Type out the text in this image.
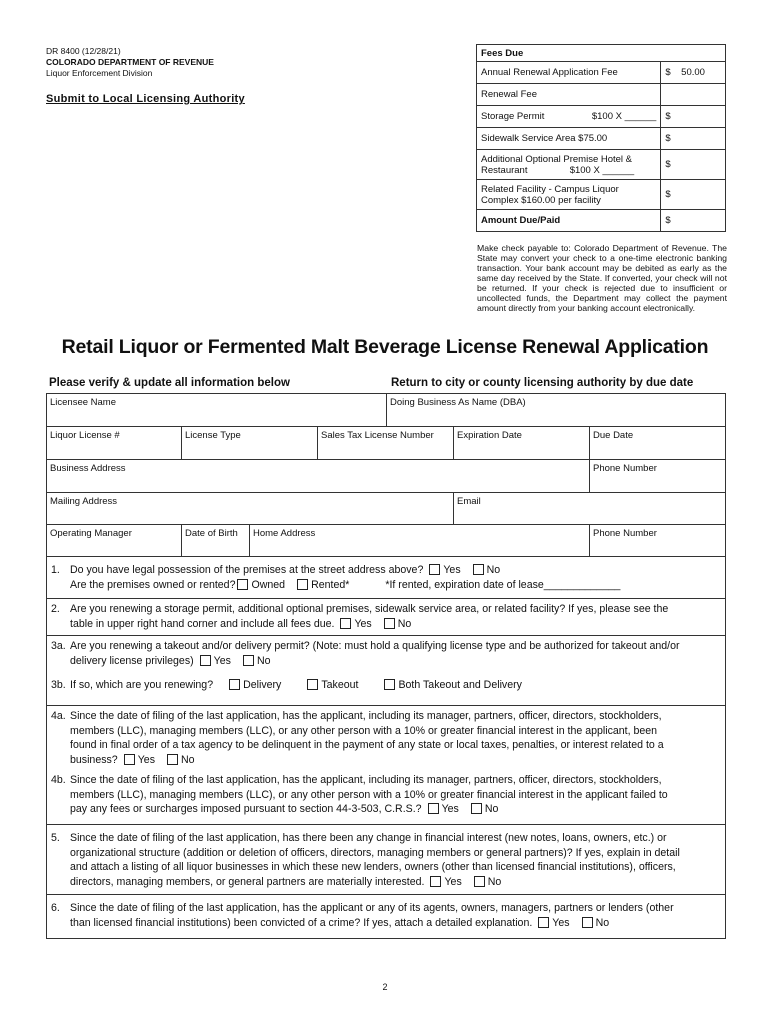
DR 8400 (12/28/21)
COLORADO DEPARTMENT OF REVENUE
Liquor Enforcement Division
Submit to Local Licensing Authority
Fees Due	
Annual Renewal Application Fee	$    50.00
Renewal Fee	
Storage Permit                  $100 X ______	$
Sidewalk Service Area $75.00	$

Additional Optional Premise Hotel &
Restaurant                $100 X ______	$

Related Facility - Campus Liquor
Complex $160.00 per facility	$
Amount Due/Paid	$
Make check payable to: Colorado Department of Revenue. The State may convert your check to a one-time electronic banking transaction. Your bank account may be debited as early as the same day received by the State. If converted, your check will not be returned. If your check is rejected due to insufficient or uncollected funds, the Department may collect the payment amount directly from your banking account electronically.
Retail Liquor or Fermented Malt Beverage License Renewal Application
Please verify & update all information below	Return to city or county licensing authority by due date
Licensee Name	Doing Business As Name (DBA)
Liquor License #	License Type	Sales Tax License Number	Expiration Date	Due Date
Business Address	Phone Number
Mailing Address	Email
Operating Manager	Date of Birth	Home Address	Phone Number
1. Do you have legal possession of the premises at the street address above? Yes No
Are the premises owned or rented? Owned Rented*	*If rented, expiration date of lease_____________
2. Are you renewing a storage permit, additional optional premises, sidewalk service area, or related facility? If yes, please see the
table in upper right hand corner and include all fees due. Yes No
3a. Are you renewing a takeout and/or delivery permit? (Note: must hold a qualifying license type and be authorized for takeout and/or
delivery license privileges) Yes No
3b. If so, which are you renewing?	Delivery	Takeout	Both Takeout and Delivery
4a. Since the date of filing of the last application, has the applicant, including its manager, partners, officer, directors, stockholders,
members (LLC), managing members (LLC), or any other person with a 10% or greater financial interest in the applicant, been
found in final order of a tax agency to be delinquent in the payment of any state or local taxes, penalties, or interest related to a
business? Yes No
4b. Since the date of filing of the last application, has the applicant, including its manager, partners, officer, directors, stockholders,
members (LLC), managing members (LLC), or any other person with a 10% or greater financial interest in the applicant failed to
pay any fees or surcharges imposed pursuant to section 44-3-503, C.R.S.? Yes No
5. Since the date of filing of the last application, has there been any change in financial interest (new notes, loans, owners, etc.) or
organizational structure (addition or deletion of officers, directors, managing members or general partners)? If yes, explain in detail
and attach a listing of all liquor businesses in which these new lenders, owners (other than licensed financial institutions), officers,
directors, managing members, or general partners are materially interested. Yes No
6. Since the date of filing of the last application, has the applicant or any of its agents, owners, managers, partners or lenders (other
than licensed financial institutions) been convicted of a crime? If yes, attach a detailed explanation. Yes No
2
